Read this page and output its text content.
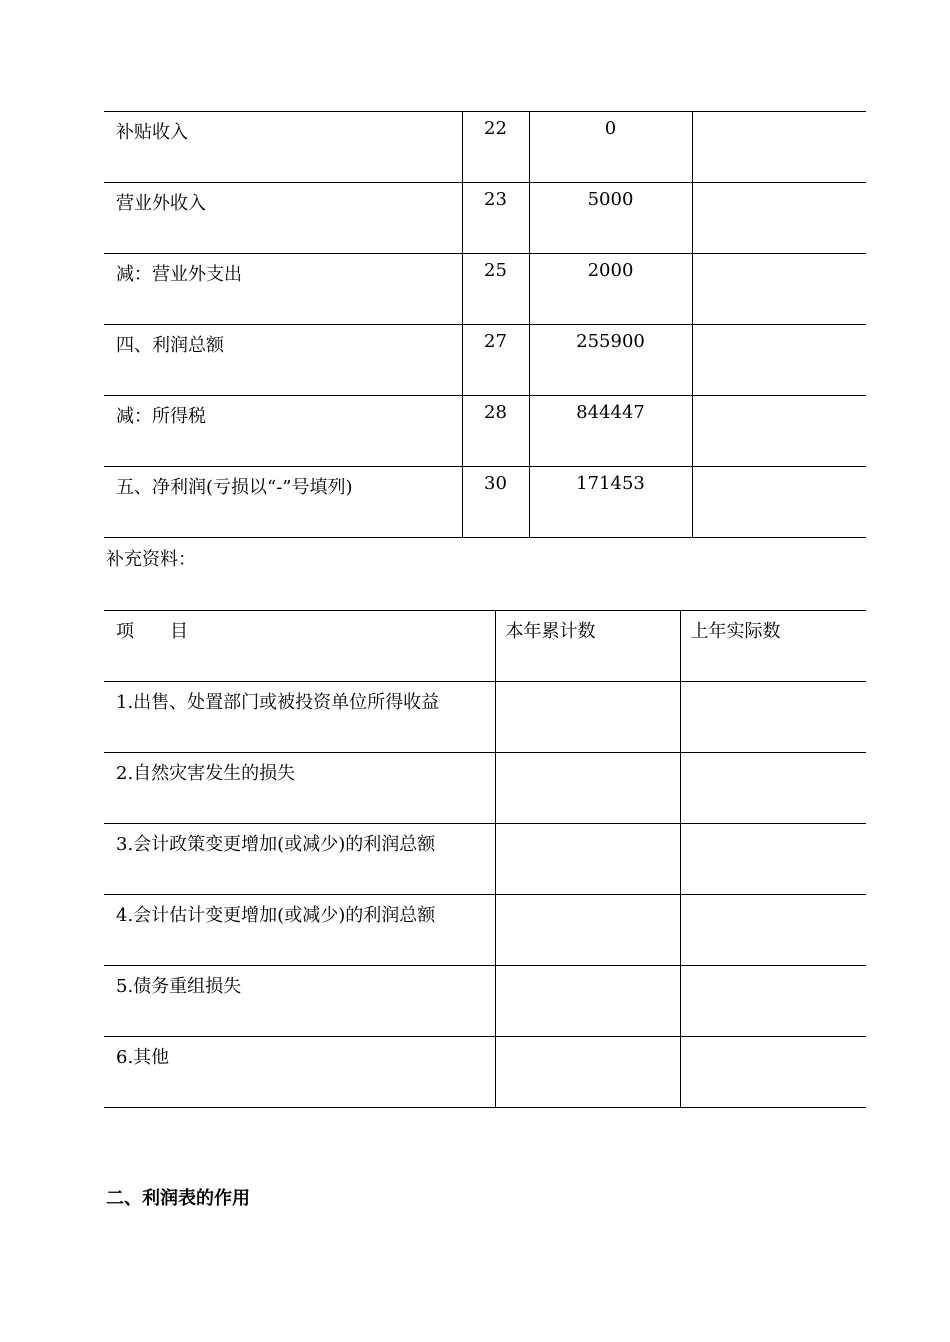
补贴收入	22	0	
营业外收入	23	5000	
减：营业外支出	25	2000	
四、利润总额	27	255900	
减：所得税	28	844447	
五、净利润(亏损以“-”号填列)	30	171453	

补充资料：

项　　目	本年累计数	上年实际数
1.出售、处置部门或被投资单位所得收益		
2.自然灾害发生的损失		
3.会计政策变更增加(或减少)的利润总额		
4.会计估计变更增加(或减少)的利润总额		
5.债务重组损失		
6.其他		
二、利润表的作用
